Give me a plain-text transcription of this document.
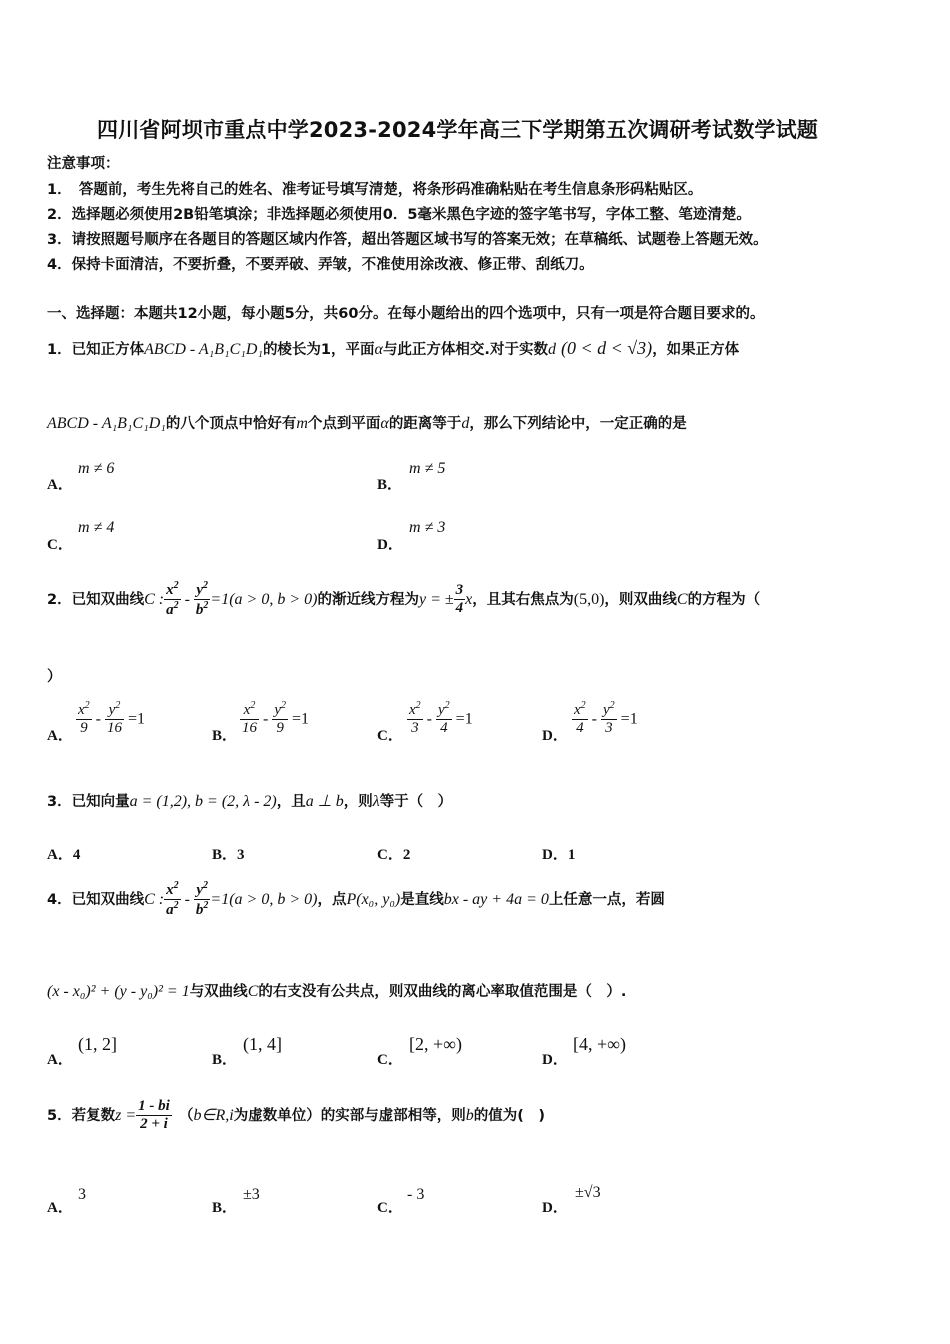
四川省阿坝市重点中学2023-2024学年高三下学期第五次调研考试数学试题
注意事项：
1．　答题前，考生先将自己的姓名、准考证号填写清楚，将条形码准确粘贴在考生信息条形码粘贴区。
2．选择题必须使用2B铅笔填涂；非选择题必须使用0．5毫米黑色字迹的签字笔书写，字体工整、笔迹清楚。
3．请按照题号顺序在各题目的答题区域内作答，超出答题区域书写的答案无效；在草稿纸、试题卷上答题无效。
4．保持卡面清洁，不要折叠，不要弄破、弄皱，不准使用涂改液、修正带、刮纸刀。
一、选择题：本题共12小题，每小题5分，共60分。在每小题给出的四个选项中，只有一项是符合题目要求的。
1．已知正方体ABCD - A₁B₁C₁D₁的棱长为1，平面α与此正方体相交.对于实数d (0 < d < √3)，如果正方体
ABCD - A₁B₁C₁D₁的八个顶点中恰好有m个点到平面α的距离等于d，那么下列结论中，一定正确的是
A．
m ≠ 6
B．
m ≠ 5
C．
m ≠ 4
D．
m ≠ 3
2．已知双曲线C : $\frac{x^2}{a^2} - \frac{y^2}{b^2} =1(a > 0$, b > 0)的渐近线方程为y = ± $\frac{3}{4}$ x，且其右焦点为(5,0)，则双曲线C的方程为（
）
A． $\frac{x^2}{9} - \frac{y^2}{16} =1$
B． $\frac{x^2}{16} - \frac{y^2}{9} =1$
C． $\frac{x^2}{3} - \frac{y^2}{4} =1$
D． $\frac{x^2}{4} - \frac{y^2}{3} =1$
3．已知向量a = (1,2), b = (2, λ - 2)，且a ⊥ b，则λ等于（　）
A．4	B．3	C．2	D．1
4．已知双曲线C : $\frac{x^2}{a^2} - \frac{y^2}{b^2} =1(a > 0$, b > 0)，点P(x₀, y₀)是直线bx - ay + 4a = 0上任意一点，若圆
(x - x₀)² + (y - y₀)² = 1与双曲线C的右支没有公共点，则双曲线的离心率取值范围是（　）.
A．
(1, 2]
B．
(1, 4]
C．
[2, +∞)
D．
[4, +∞)
5．若复数$z = \frac{1 - bi}{2 + i}$
　 （b∈R,i为虚数单位）的实部与虚部相等，则b的值为(　)
A．
3
B．
±3
C．
- 3
D．
±√3
